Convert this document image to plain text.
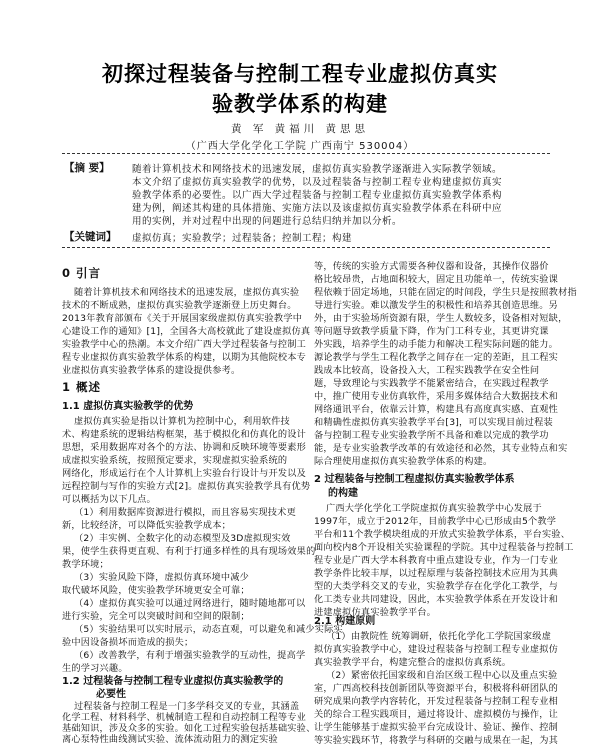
初探过程装备与控制工程专业虚拟仿真实
验教学体系的构建
黄 军 黄福川 黄思思
（广西大学化学化工学院 广西南宁 530004）
【摘 要】 随着计算机技术和网络技术的迅速发展，虚拟仿真实验教学逐渐进入实际教学领域。
本文介绍了虚拟仿真实验教学的优势，以及过程装备与控制工程专业构建虚拟仿真实
验教学体系的必要性。以广西大学过程装备与控制工程专业虚拟仿真实验教学体系构
建为例，阐述其构建的具体措施、实施方法以及该虚拟仿真实验教学体系在科研中应
用的实例，并对过程中出现的问题进行总结归纳并加以分析。
【关键词】 虚拟仿真；实验教学；过程装备；控制工程；构建
0 引言
随着计算机技术和网络技术的迅速发展，虚拟仿真实验
技术的不断成熟，虚拟仿真实验教学逐渐登上历史舞台。
2013年教育部颁布《关于开展国家级虚拟仿真实验教学中
心建设工作的通知》[1]，全国各大高校就此了建设虚拟仿真
实验教学中心的热潮。本文介绍广西大学过程装备与控制工
程专业虚拟仿真实验教学体系的构建，以期为其他院校本专
业虚拟仿真实验教学体系的建设提供参考。
1 概述
1.1 虚拟仿真实验教学的优势
虚拟仿真实验是指以计算机为控制中心，利用软件技
术、构建系统的逻辑结构框架，基于模拟化和仿真化的设计
思想，采用数据库对各个的方法、协调和反映环境等要素形
成虚拟实验系统，按照预定要求，实现虚拟实验系统的
网络化，形成运行在个人计算机上实验台行设计与开发以及
远程控制与写作的实验方式[2]。虚拟仿真实验教学具有优势
可以概括为以下几点。
（1）利用数据库资源进行模拟，而且容易实现技术更
新，比较经济，可以降低实验教学成本；
（2）丰实例、全数字化的动态模型及3D虚拟现实效
果，使学生获得更直观、有利于打通多样性的具有现场效果的
教学环境；
（3）实验风险下降，虚拟仿真环境中减少
取代破坏风险，使实验教学环境更安全可靠；
（4）虚拟仿真实验可以通过网络进行，随时随地都可以
进行实验，完全可以突破时间和空间的限制；
（5）实验结果可以实时展示，动态直观，可以避免和减少实际实
验中因设备损坏而造成的损失；
（6）改善教学，有利于增强实验教学的互动性，提高学
生的学习兴趣。
1.2 过程装备与控制工程专业虚拟仿真实验教学的
必要性
过程装备与控制工程是一门多学科交叉的专业，其涵盖
化学工程、材料科学、机械制造工程和自动控制工程等专业
基础知识，涉及众多的实验。如化工过程实验包括基础实验、
离心泵特性曲线测试实验、流体流动阻力的测定实验
等，传统的实验方式需要各种仪器和设备，其操作仪器价
格比较昂贵，占地面积较大，固定且功能单一，传统实验课
程依赖于固定场地，只能在固定的时间段，学生只是按照教材指
导进行实验。难以激发学生的积极性和培养其创造思维。另
外，由于实验场所资源有限，学生人数较多，设备相对短缺，
等问题导致教学质量下降，作为门工科专业，其更讲究课
外实践，培养学生的动手能力和解决工程实际问题的能力。
源论教学与学生工程化教学之间存在一定的差距，且工程实
践成本比较高，设备投入大，工程实践教学在安全性问
题，导致理论与实践教学不能紧密结合，在实践过程教学
中，推广使用专业仿真软件，采用多媒体结合大数据技术和
网络通讯平台，依靠云计算，构建具有高度真实感、直观性
和精确性虚拟仿真实验教学平台[3]，可以实现目前过程装
备与控制工程专业实验教学所不具备和难以完成的教学功
能，是专业实验教学改革的有效途径和必然，其专业特点和实
际合理使用虚拟仿真实验教学体系的构建。
2 过程装备与控制工程虚拟仿真实验教学体系
的构建
广西大学化学化工学院虚拟仿真实验教学中心发展于
1997年，成立于2012年，目前教学中心已形成由5个教学
平台和11个教学模块组成的开放式实验教学体系，平台实验、
面向校内8个开设相关实验课程的学院。其中过程装备与控制工
程专业是广西大学本科教育中重点建设专业，作为一门专业
教学条件比较丰厚，以过程原理与装备控制技术应用为其典
型的大类学科交叉的专业，实验教学存在化学化工教学，与
化工类专业共同建设，因此，本实验教学体系在开发设计和
进建虚拟仿真实验教学平台。
2.1 构建原则
（1）由教院性 统筹调研，依托化学化工学院国家级虚
拟仿真实验教学中心，建设过程装备与控制工程专业虚拟仿
真实验教学平台，构建完整合的虚拟仿真系统。
（2）紧密依托国家级和自治区级工程中心以及重点实验
室，广西高校科技创新团队等资源平台，积极将科研团队的
研究成果向教学内容转化，开发过程装备与控制工程专业相
关的综合工程实践项目，通过将设计、虚拟模仿与操作，让
让学生能够基于虚拟实验平台完成设计、验证、操作、控制
等实验实践环节，将教学与科研的交融与成果在一起，为其
